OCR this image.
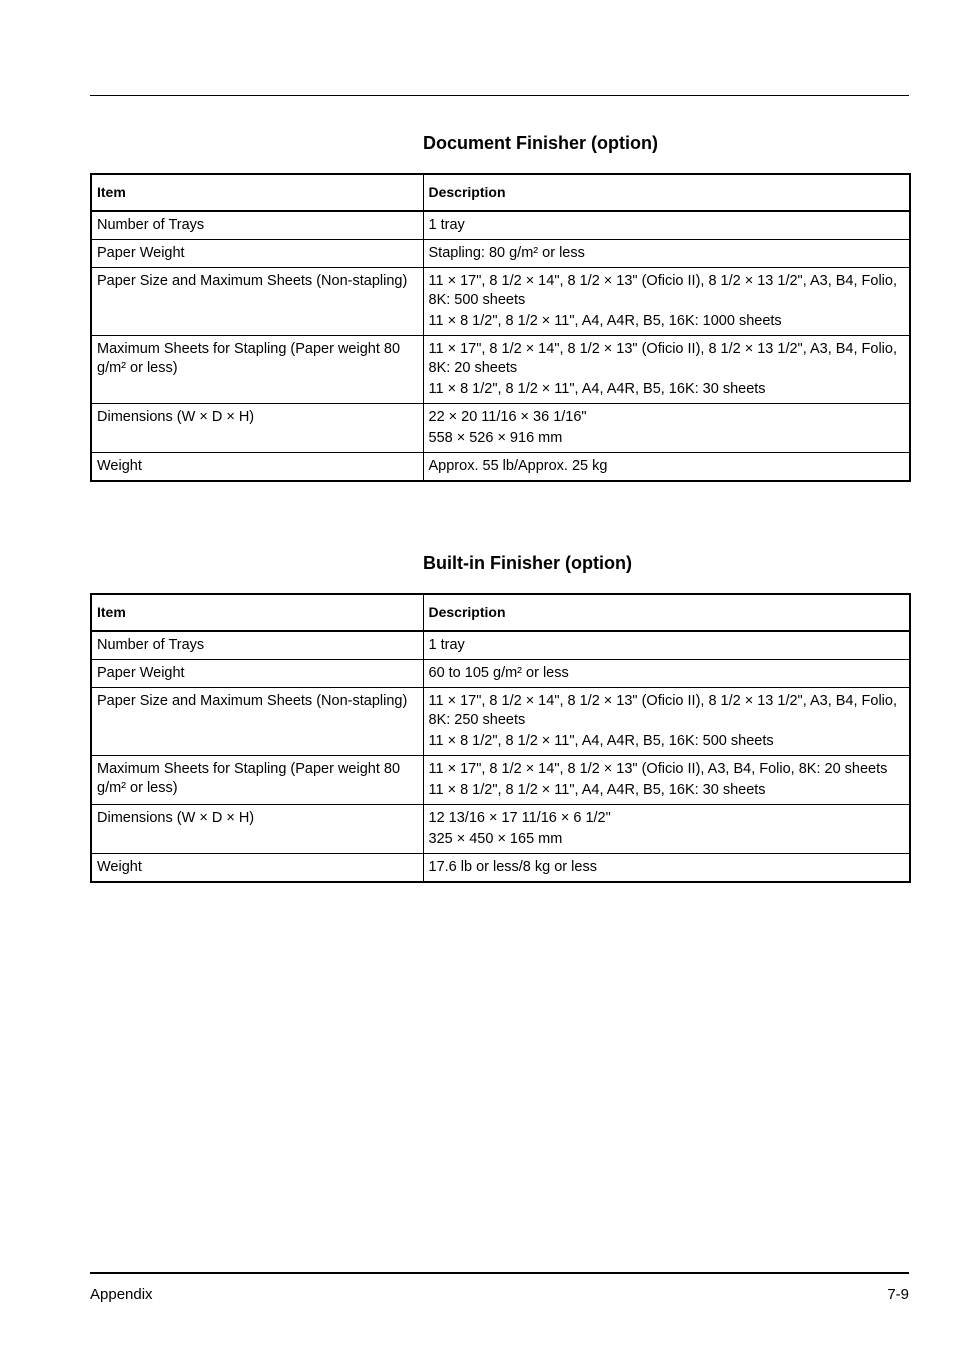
Document Finisher (option)
Item	Description
Number of Trays	1 tray

Paper Weight	Stapling: 80 g/m² or less

Paper Size and Maximum Sheets (Non-stapling)	11 × 17", 8 1/2 × 14", 8 1/2 × 13" (Oficio II), 8 1/2 × 13 1/2", A3, B4, Folio, 8K: 500 sheets
11 × 8 1/2", 8 1/2 × 11", A4, A4R, B5, 16K: 1000 sheets

Maximum Sheets for Stapling (Paper weight 80 g/m² or less)	11 × 17", 8 1/2 × 14", 8 1/2 × 13" (Oficio II), 8 1/2 × 13 1/2", A3, B4, Folio, 8K: 20 sheets
11 × 8 1/2", 8 1/2 × 11", A4, A4R, B5, 16K: 30 sheets

Dimensions (W × D × H)	22 × 20 11/16 × 36 1/16"
558 × 526 × 916 mm

Weight	Approx. 55 lb/Approx. 25 kg
Built-in Finisher (option)
Item	Description
Number of Trays	1 tray

Paper Weight	60 to 105 g/m² or less

Paper Size and Maximum Sheets (Non-stapling)	11 × 17", 8 1/2 × 14", 8 1/2 × 13" (Oficio II), 8 1/2 × 13 1/2", A3, B4, Folio, 8K: 250 sheets
11 × 8 1/2", 8 1/2 × 11", A4, A4R, B5, 16K: 500 sheets

Maximum Sheets for Stapling (Paper weight 80 g/m² or less)	11 × 17", 8 1/2 × 14", 8 1/2 × 13" (Oficio II), A3, B4, Folio, 8K: 20 sheets
11 × 8 1/2", 8 1/2 × 11", A4, A4R, B5, 16K: 30 sheets

Dimensions (W × D × H)	12 13/16 × 17 11/16 × 6 1/2"
325 × 450 × 165 mm

Weight	17.6 lb or less/8 kg or less
Appendix	7-9
